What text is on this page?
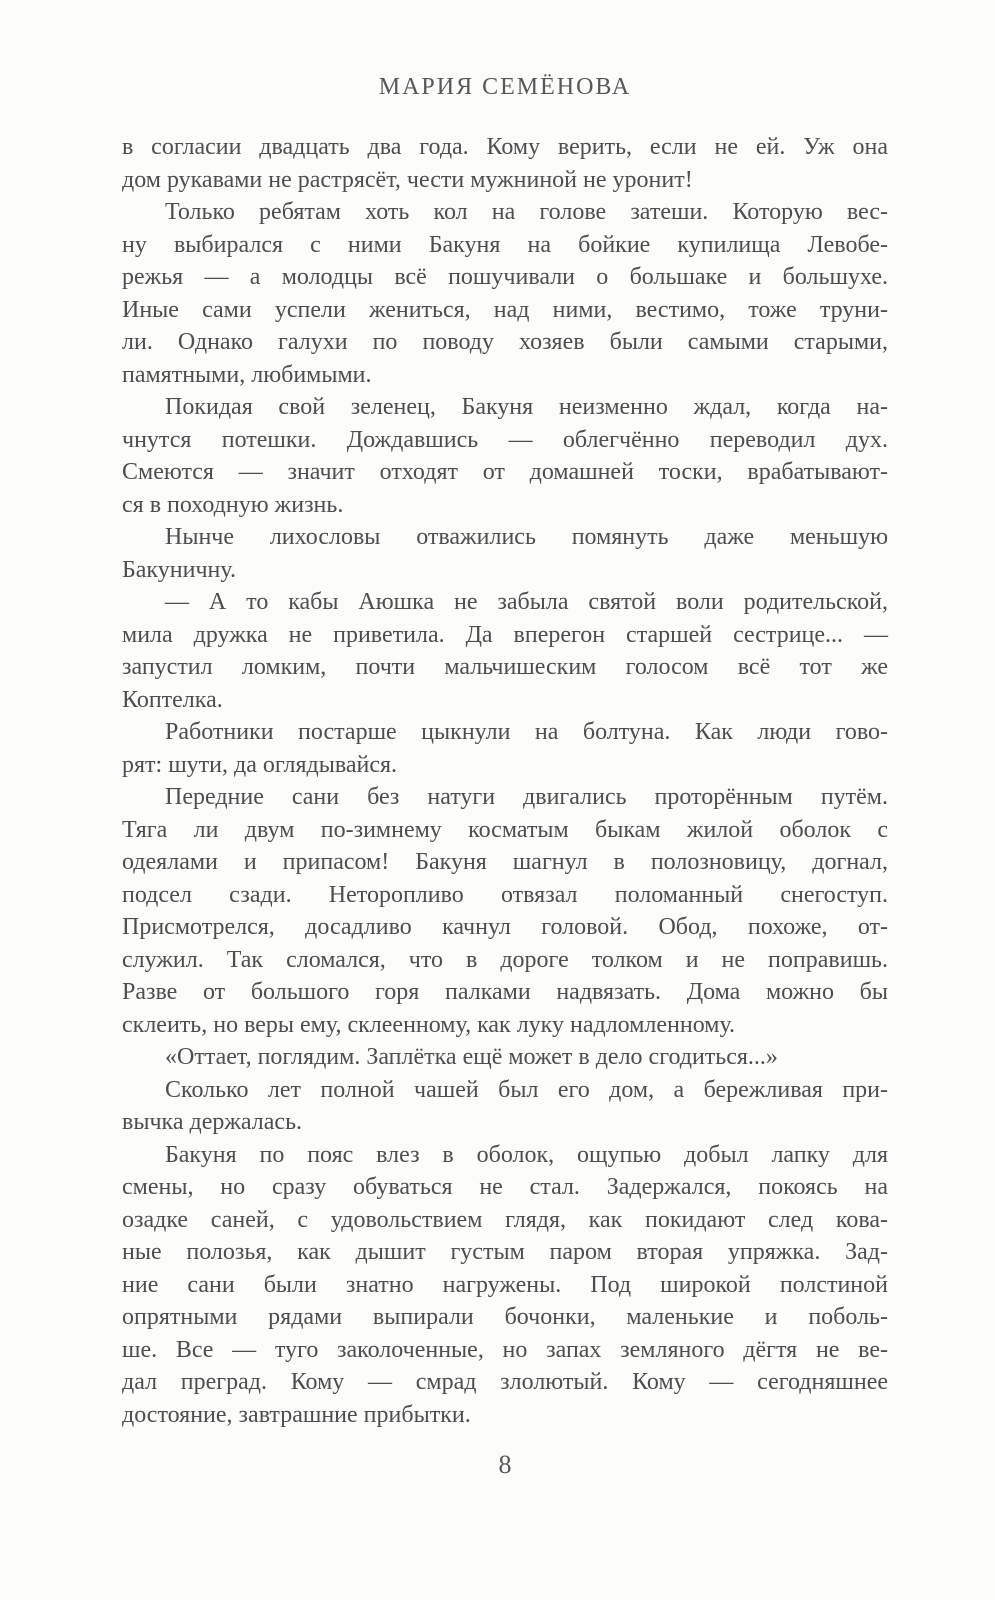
МАРИЯ СЕМЁНОВА
в согласии двадцать два года. Кому верить, если не ей. Уж она
дом рукавами не растрясёт, чести мужниной не уронит!
Только ребятам хоть кол на голове затеши. Которую вес-
ну выбирался с ними Бакуня на бойкие купилища Левобе-
режья — а молодцы всё пошучивали о большаке и большухе.
Иные сами успели жениться, над ними, вестимо, тоже труни-
ли. Однако галухи по поводу хозяев были самыми старыми,
памятными, любимыми.
Покидая свой зеленец, Бакуня неизменно ждал, когда на-
чнутся потешки. Дождавшись — облегчённо переводил дух.
Смеются — значит отходят от домашней тоски, врабатывают-
ся в походную жизнь.
Нынче лихословы отважились помянуть даже меньшую
Бакуничну.
— А то кабы Аюшка не забыла святой воли родительской,
мила дружка не приветила. Да вперегон старшей сестрице... —
запустил ломким, почти мальчишеским голосом всё тот же
Коптелка.
Работники постарше цыкнули на болтуна. Как люди гово-
рят: шути, да оглядывайся.
Передние сани без натуги двигались проторённым путём.
Тяга ли двум по-зимнему косматым быкам жилой оболок с
одеялами и припасом! Бакуня шагнул в полозновицу, догнал,
подсел сзади. Неторопливо отвязал поломанный снегоступ.
Присмотрелся, досадливо качнул головой. Обод, похоже, от-
служил. Так сломался, что в дороге толком и не поправишь.
Разве от большого горя палками надвязать. Дома можно бы
склеить, но веры ему, склеенному, как луку надломленному.
«Оттает, поглядим. Заплётка ещё может в дело сгодиться...»
Сколько лет полной чашей был его дом, а бережливая при-
вычка держалась.
Бакуня по пояс влез в оболок, ощупью добыл лапку для
смены, но сразу обуваться не стал. Задержался, покоясь на
озадке саней, с удовольствием глядя, как покидают след кова-
ные полозья, как дышит густым паром вторая упряжка. Зад-
ние сани были знатно нагружены. Под широкой полстиной
опрятными рядами выпирали бочонки, маленькие и поболь-
ше. Все — туго заколоченные, но запах земляного дёгтя не ве-
дал преград. Кому — смрад злолютый. Кому — сегодняшнее
достояние, завтрашние прибытки.
8
